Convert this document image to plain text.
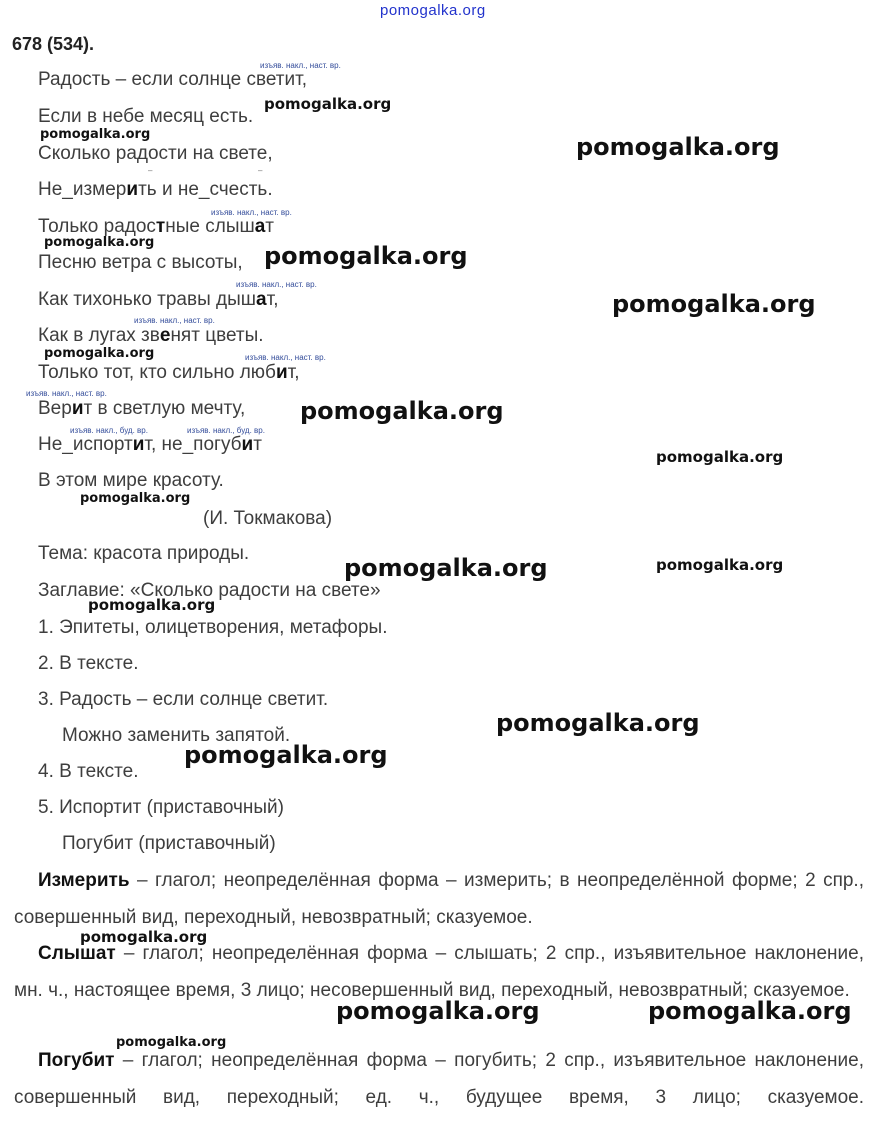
pomogalka.org
678 (534).
Радость – если солнце светит,
Если в небе месяц есть.
Сколько радости на свете,
Не_измерить и не_счесть.
Только радостные слышат
Песню ветра с высоты,
Как тихонько травы дышат,
Как в лугах звенят цветы.
Только тот, кто сильно любит,
Верит в светлую мечту,
Не_испортит, не_погубит
В этом мире красоту.
(И. Токмакова)
изъяв. накл., наст. вр.
изъяв. накл., наст. вр.
изъяв. накл., наст. вр.
изъяв. накл., наст. вр.
изъяв. накл., наст. вр.
изъяв. накл., наст. вр.
изъяв. накл., буд. вр.	изъяв. накл., буд. вр.
–	–
Тема: красота природы.
Заглавие: «Сколько радости на свете»
1. Эпитеты, олицетворения, метафоры.
2. В тексте.
3. Радость – если солнце светит.
Можно заменить запятой.
4. В тексте.
5. Испортит (приставочный)
Погубит (приставочный)
Измерить – глагол; неопределённая форма – измерить; в неопределённой форме; 2 спр., совершенный вид, переходный, невозвратный; сказуемое.
Слышат – глагол; неопределённая форма – слышать; 2 спр., изъявительное наклонение, мн. ч., настоящее время, 3 лицо; несовершенный вид, переходный, невозвратный; сказуемое.
Погубит – глагол; неопределённая форма – погубить; 2 спр., изъявительное наклонение, совершенный вид, переходный; ед. ч., будущее время, 3 лицо; сказуемое.
pomogalka.org
pomogalka.org	pomogalka.org
pomogalka.org	pomogalka.org
pomogalka.org
pomogalka.org
pomogalka.org
pomogalka.org
pomogalka.org
pomogalka.org	pomogalka.org
pomogalka.org
pomogalka.org
pomogalka.org
pomogalka.org
pomogalka.org	pomogalka.org
pomogalka.org
